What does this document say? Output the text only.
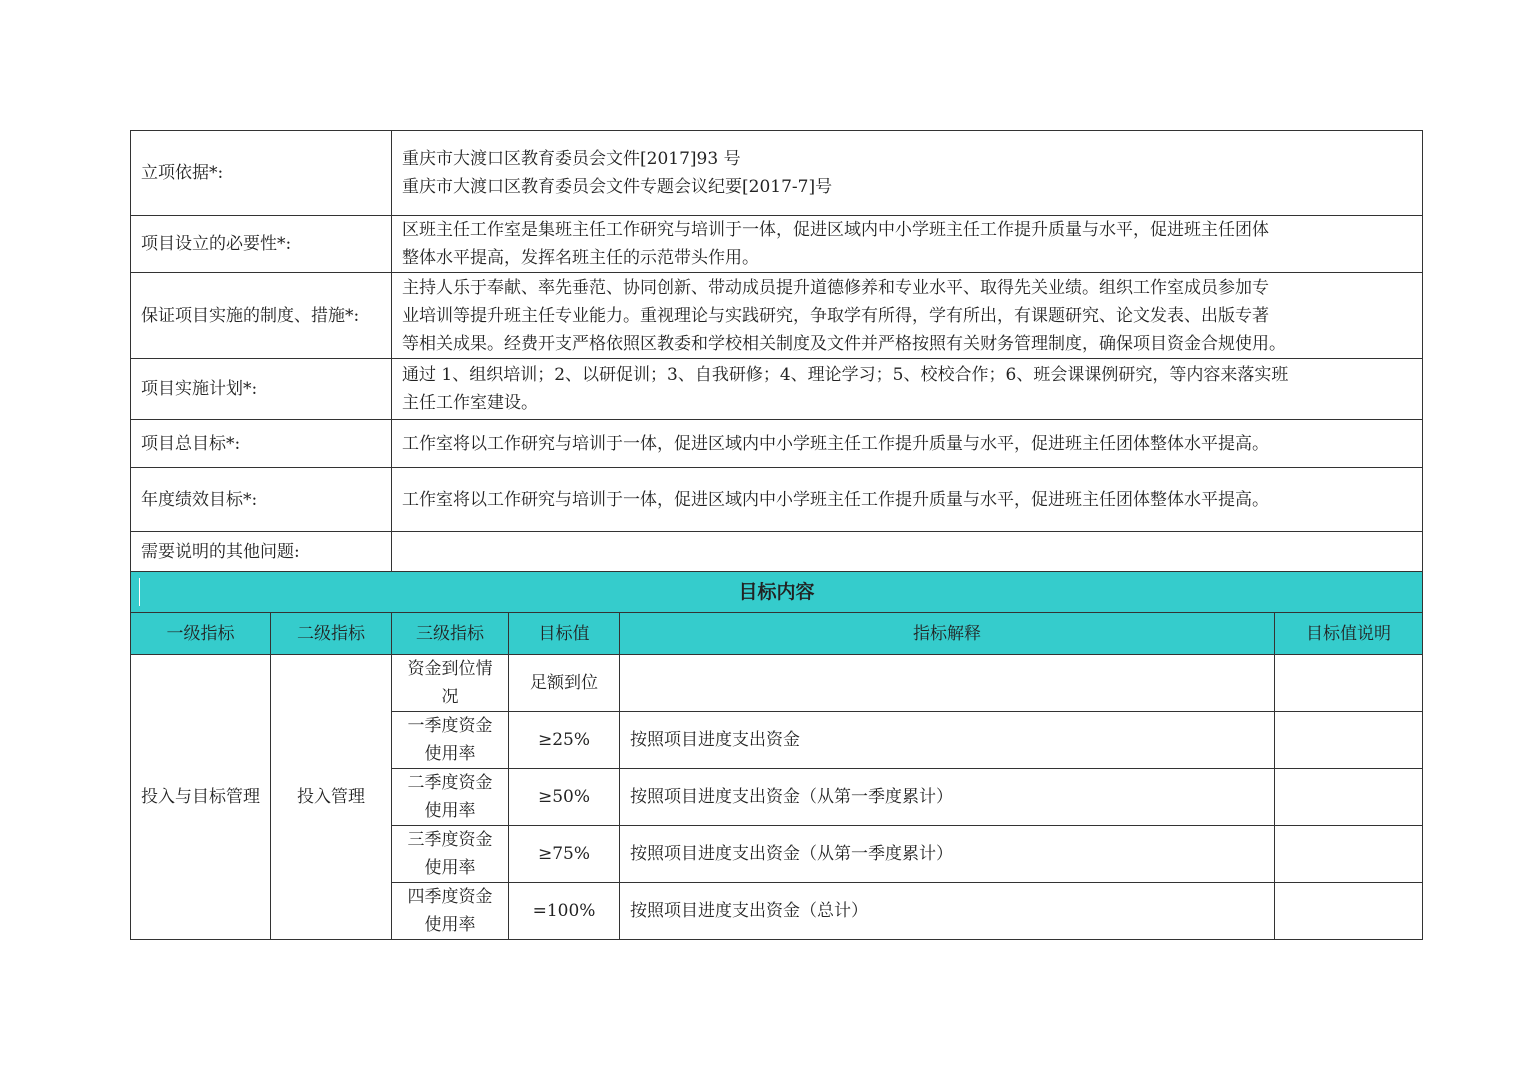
立项依据*:		重庆市大渡口区教育委员会文件[2017]93 号
重庆市大渡口区教育委员会文件专题会议纪要[2017-7]号			

项目设立的必要性*:		区班主任工作室是集班主任工作研究与培训于一体，促进区域内中小学班主任工作提升质量与水平，促进班主任团体
整体水平提高，发挥名班主任的示范带头作用。			

保证项目实施的制度、措施*:		主持人乐于奉献、率先垂范、协同创新、带动成员提升道德修养和专业水平、取得先关业绩。组织工作室成员参加专
业培训等提升班主任专业能力。重视理论与实践研究，争取学有所得，学有所出，有课题研究、论文发表、出版专著
等相关成果。经费开支严格依照区教委和学校相关制度及文件并严格按照有关财务管理制度，确保项目资金合规使用。			

项目实施计划*:		通过 1、组织培训；2、以研促训；3、自我研修；4、理论学习；5、校校合作；6、班会课课例研究，等内容来落实班
主任工作室建设。			

项目总目标*:		工作室将以工作研究与培训于一体，促进区域内中小学班主任工作提升质量与水平，促进班主任团体整体水平提高。			

年度绩效目标*:		工作室将以工作研究与培训于一体，促进区域内中小学班主任工作提升质量与水平，促进班主任团体整体水平提高。			

需要说明的其他问题:					

目标内容					
一级指标	二级指标	三级指标	目标值	指标解释	目标值说明
投入与目标管理	投入管理	资金到位情况	足额到位		
		一季度资金使用率	≥25%	按照项目进度支出资金	
		二季度资金使用率	≥50%	按照项目进度支出资金（从第一季度累计）	
		三季度资金使用率	≥75%	按照项目进度支出资金（从第一季度累计）	
		四季度资金使用率	=100%	按照项目进度支出资金（总计）	
